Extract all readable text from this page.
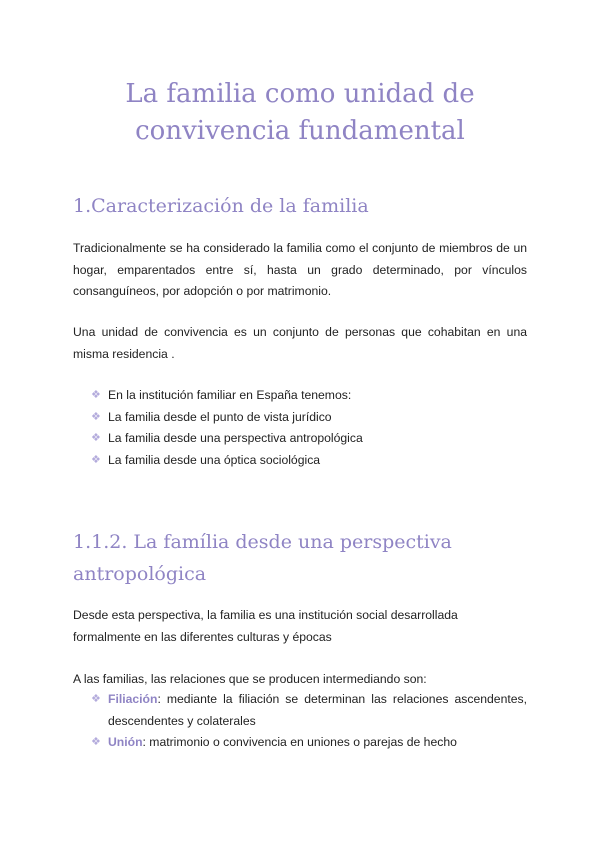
La familia como unidad de
convivencia fundamental
1.Caracterización de la familia

Tradicionalmente se ha considerado la familia como el conjunto de miembros de un hogar, emparentados entre sí, hasta un grado determinado, por vínculos consanguíneos, por adopción o por matrimonio.

Una unidad de convivencia es un conjunto de personas que cohabitan en una misma residencia .

❖ En la institución familiar en España tenemos:
❖ La familia desde el punto de vista jurídico
❖ La familia desde una perspectiva antropológica
❖ La familia desde una óptica sociológica
1.1.2. La família desde una perspectiva
antropológica

Desde esta perspectiva, la familia es una institución social desarrollada formalmente en las diferentes culturas y épocas

A las familias, las relaciones que se producen intermediando son:

❖ Filiación: mediante la filiación se determinan las relaciones ascendentes, descendentes y colaterales
❖ Unión: matrimonio o convivencia en uniones o parejas de hecho
